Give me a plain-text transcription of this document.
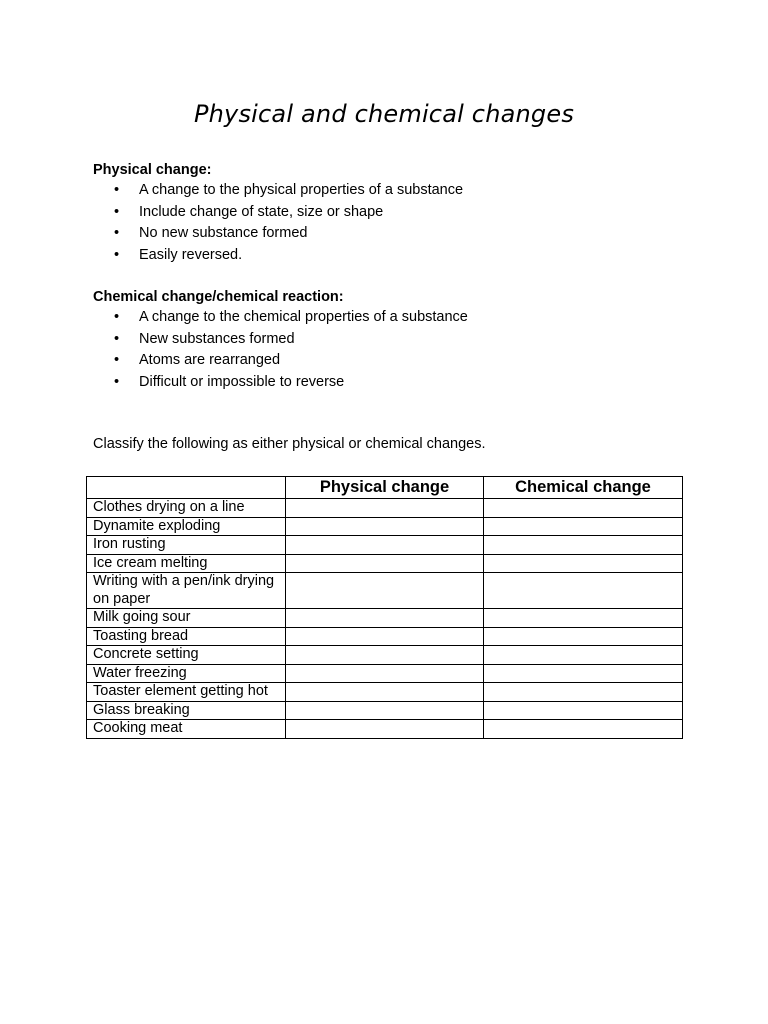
Physical and chemical changes
Physical change:
• A change to the physical properties of a substance
• Include change of state, size or shape
• No new substance formed
• Easily reversed.
Chemical change/chemical reaction:
• A change to the chemical properties of a substance
• New substances formed
• Atoms are rearranged
• Difficult or impossible to reverse
Classify the following as either physical or chemical changes.
	Physical change	Chemical change
Clothes drying on a line		
Dynamite exploding		
Iron rusting		
Ice cream melting		
Writing with a pen/ink drying on paper		
Milk going sour		
Toasting bread		
Concrete setting		
Water freezing		
Toaster element getting hot		
Glass breaking		
Cooking meat		
